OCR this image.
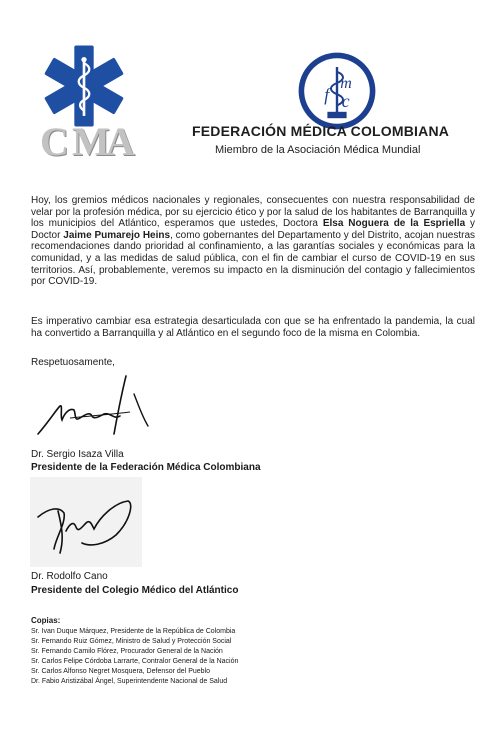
C M
A
f
m
c
FEDERACIÓN MÉDICA COLOMBIANA
Miembro de la Asociación Médica Mundial
Hoy, los gremios médicos nacionales y regionales, consecuentes con nuestra responsabilidad de velar por la profesión médica, por su ejercicio ético y por la salud de los habitantes de Barranquilla y los municipios del Atlántico, esperamos que ustedes, Doctora Elsa Noguera de la Espriella y Doctor Jaime Pumarejo Heins, como gobernantes del Departamento y del Distrito, acojan nuestras recomendaciones dando prioridad al confinamiento, a las garantías sociales y económicas para la comunidad, y a las medidas de salud pública, con el fin de cambiar el curso de COVID-19 en sus territorios. Así, probablemente, veremos su impacto en la disminución del contagio y fallecimientos por COVID-19.
Es imperativo cambiar esa estrategia desarticulada con que se ha enfrentado la pandemia, la cual ha convertido a Barranquilla y al Atlántico en el segundo foco de la misma en Colombia.
Respetuosamente,
Dr. Sergio Isaza Villa
Presidente de la Federación Médica Colombiana
Dr. Rodolfo Cano
Presidente del Colegio Médico del Atlántico
Copias:
Sr. Ivan Duque Márquez, Presidente de la República de Colombia
Sr. Fernando Ruiz Gómez, Ministro de Salud y Protección Social
Sr. Fernando Camilo Flórez, Procurador General de la Nación
Sr. Carlos Felipe Córdoba Larrarte, Contralor General de la Nación
Sr. Carlos Alfonso Negret Mosquera, Defensor del Pueblo
Dr. Fabio Aristizábal Ángel, Superintendente Nacional de Salud
